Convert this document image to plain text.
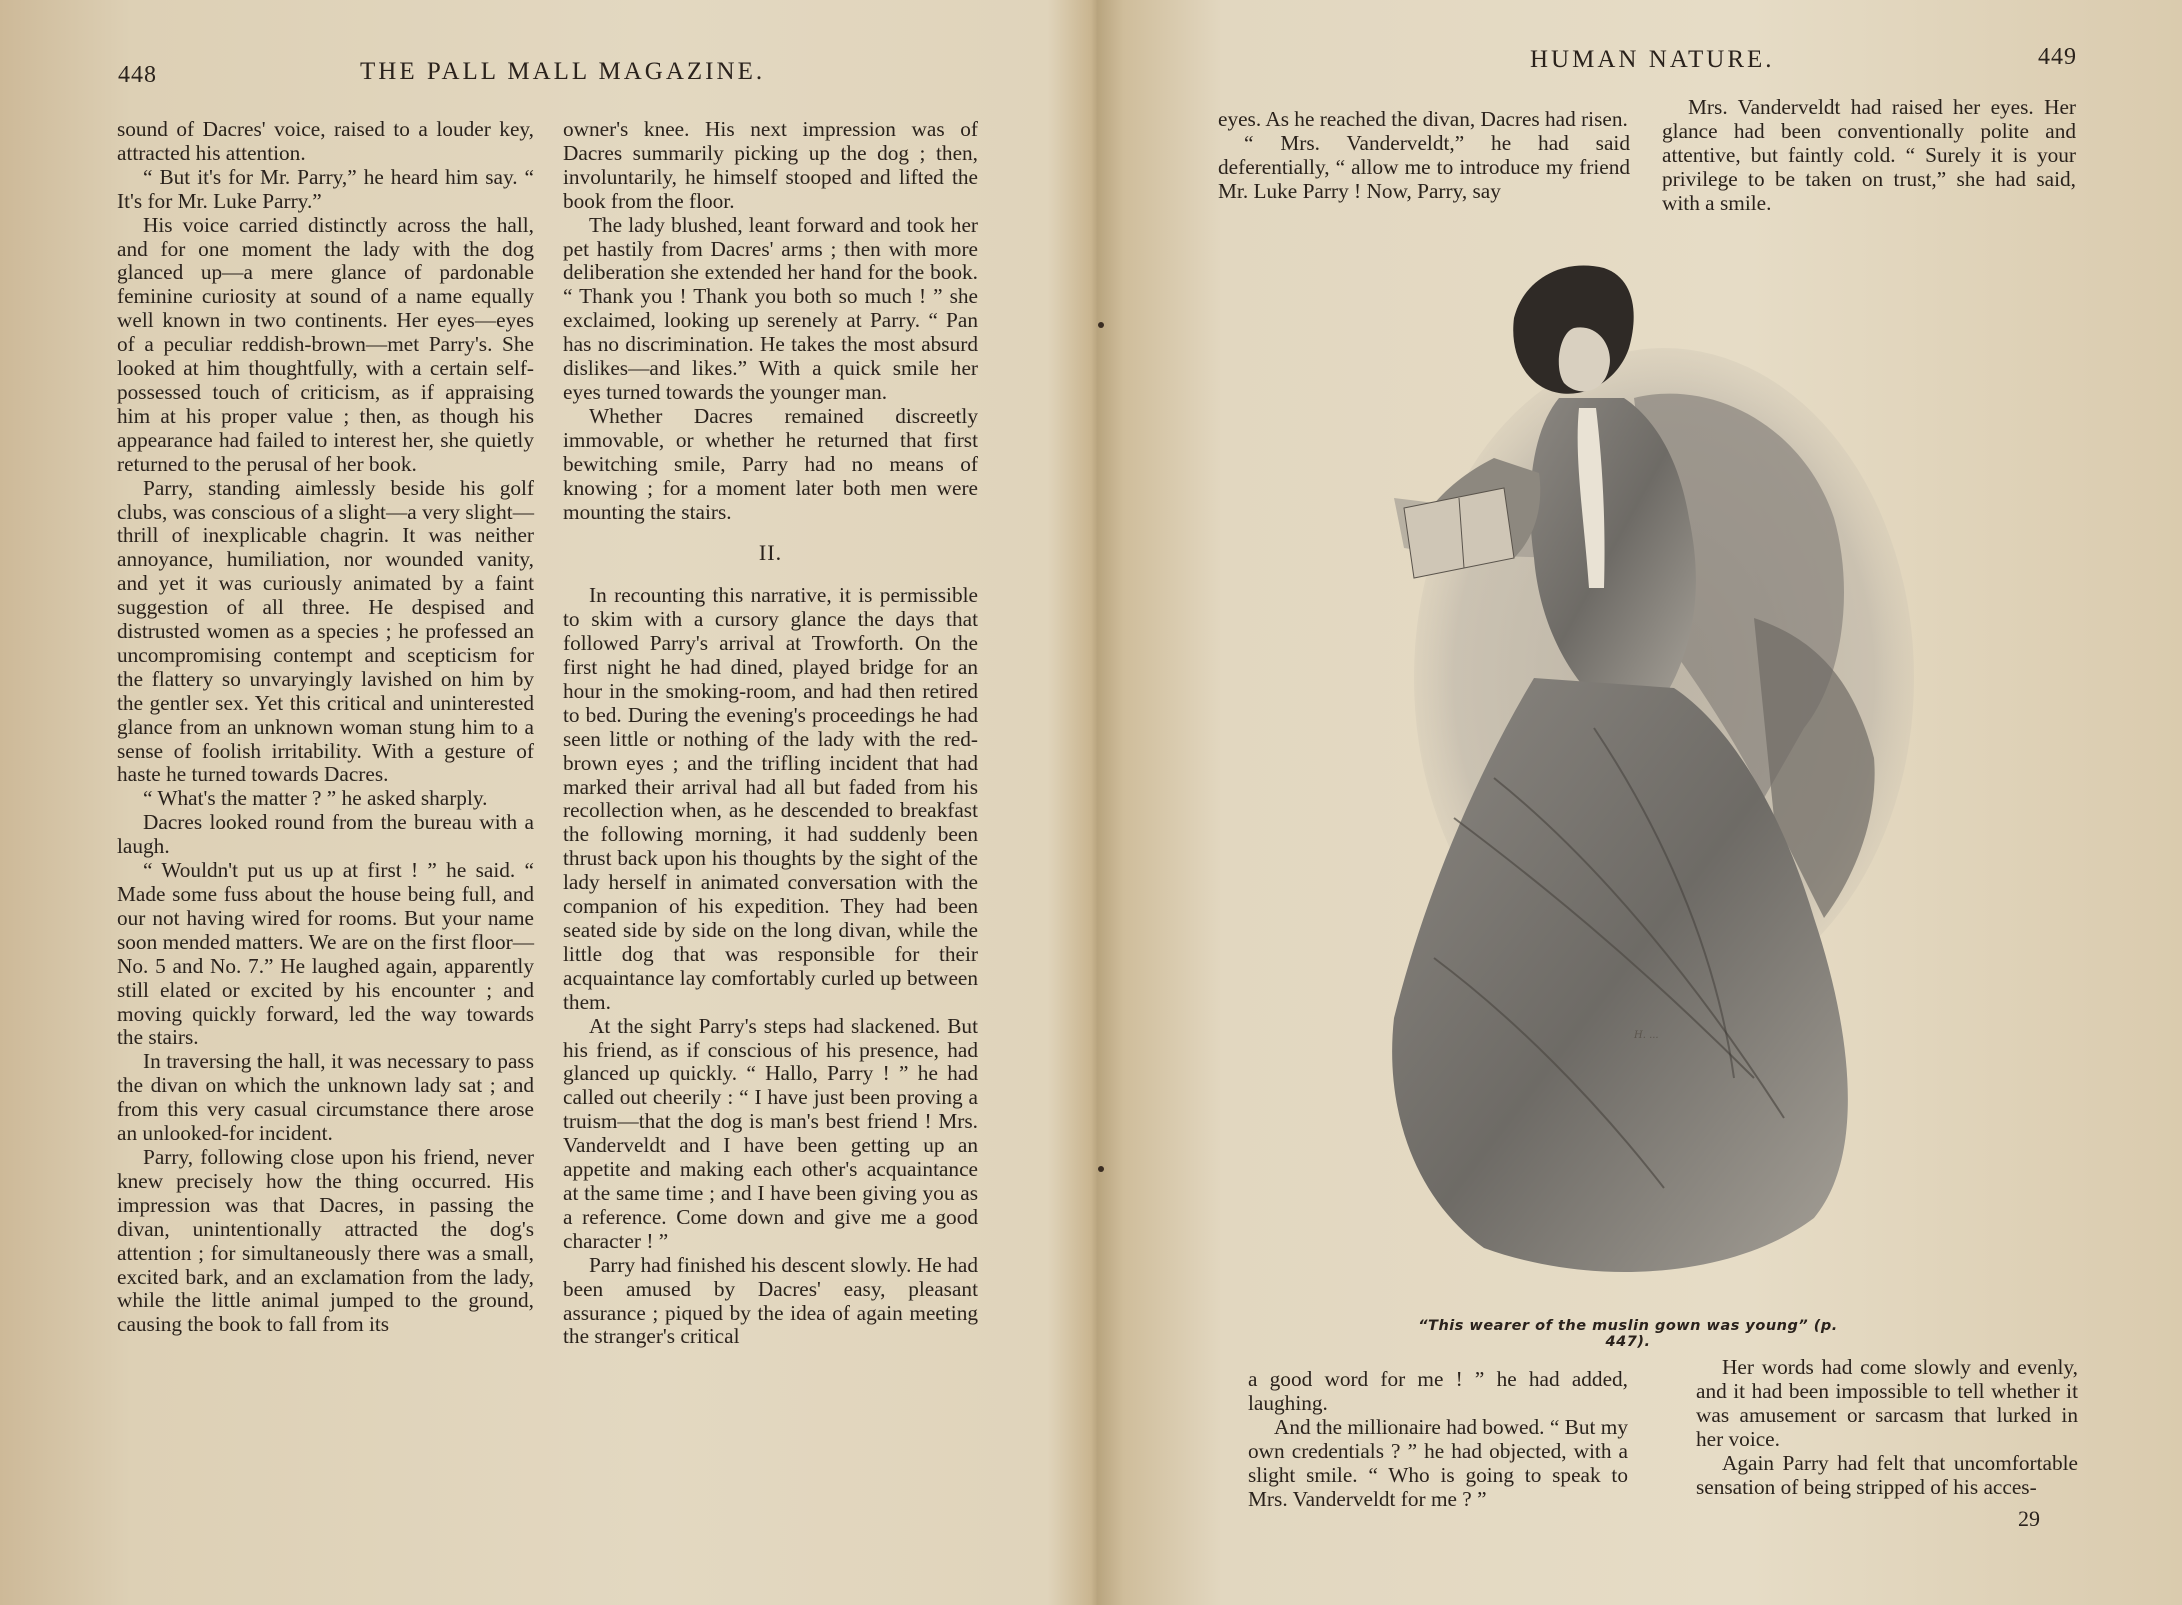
448	THE PALL MALL MAGAZINE.

sound of Dacres' voice, raised to a louder key, attracted his attention.

“ But it's for Mr. Parry,” he heard him say. “ It's for Mr. Luke Parry.”

His voice carried distinctly across the hall, and for one moment the lady with the dog glanced up—a mere glance of pardonable feminine curiosity at sound of a name equally well known in two continents. Her eyes—eyes of a peculiar reddish-brown—met Parry's. She looked at him thoughtfully, with a certain self-possessed touch of criticism, as if appraising him at his proper value ; then, as though his appearance had failed to interest her, she quietly returned to the perusal of her book.

Parry, standing aimlessly beside his golf clubs, was conscious of a slight—a very slight—thrill of inexplicable chagrin. It was neither annoyance, humiliation, nor wounded vanity, and yet it was curiously animated by a faint suggestion of all three. He despised and distrusted women as a species ; he professed an uncompromising contempt and scepticism for the flattery so unvaryingly lavished on him by the gentler sex. Yet this critical and uninterested glance from an unknown woman stung him to a sense of foolish irritability. With a gesture of haste he turned towards Dacres.

“ What's the matter ? ” he asked sharply.

Dacres looked round from the bureau with a laugh.

“ Wouldn't put us up at first ! ” he said. “ Made some fuss about the house being full, and our not having wired for rooms. But your name soon mended matters. We are on the first floor—No. 5 and No. 7.” He laughed again, apparently still elated or excited by his encounter ; and moving quickly forward, led the way towards the stairs.

In traversing the hall, it was necessary to pass the divan on which the unknown lady sat ; and from this very casual circumstance there arose an unlooked-for incident.

Parry, following close upon his friend, never knew precisely how the thing occurred. His impression was that Dacres, in passing the divan, unintentionally attracted the dog's attention ; for simultaneously there was a small, excited bark, and an exclamation from the lady, while the little animal jumped to the ground, causing the book to fall from its

owner's knee. His next impression was of Dacres summarily picking up the dog ; then, involuntarily, he himself stooped and lifted the book from the floor.

The lady blushed, leant forward and took her pet hastily from Dacres' arms ; then with more deliberation she extended her hand for the book. “ Thank you ! Thank you both so much ! ” she exclaimed, looking up serenely at Parry. “ Pan has no discrimination. He takes the most absurd dislikes—and likes.” With a quick smile her eyes turned towards the younger man.

Whether Dacres remained discreetly immovable, or whether he returned that first bewitching smile, Parry had no means of knowing ; for a moment later both men were mounting the stairs.

II.

In recounting this narrative, it is permissible to skim with a cursory glance the days that followed Parry's arrival at Trowforth. On the first night he had dined, played bridge for an hour in the smoking-room, and had then retired to bed. During the evening's proceedings he had seen little or nothing of the lady with the red-brown eyes ; and the trifling incident that had marked their arrival had all but faded from his recollection when, as he descended to breakfast the following morning, it had suddenly been thrust back upon his thoughts by the sight of the lady herself in animated conversation with the companion of his expedition. They had been seated side by side on the long divan, while the little dog that was responsible for their acquaintance lay comfortably curled up between them.

At the sight Parry's steps had slackened. But his friend, as if conscious of his presence, had glanced up quickly. “ Hallo, Parry ! ” he had called out cheerily : “ I have just been proving a truism—that the dog is man's best friend ! Mrs. Vanderveldt and I have been getting up an appetite and making each other's acquaintance at the same time ; and I have been giving you as a reference. Come down and give me a good character ! ”

Parry had finished his descent slowly. He had been amused by Dacres' easy, pleasant assurance ; piqued by the idea of again meeting the stranger's critical

HUMAN NATURE.	449

eyes. As he reached the divan, Dacres had risen.

“ Mrs. Vanderveldt,” he had said deferentially, “ allow me to introduce my friend Mr. Luke Parry ! Now, Parry, say

Mrs. Vanderveldt had raised her eyes. Her glance had been conventionally polite and attentive, but faintly cold. “ Surely it is your privilege to be taken on trust,” she had said, with a smile.

H. ...
“This wearer of the muslin gown was young” (p. 447).

a good word for me ! ” he had added, laughing.

And the millionaire had bowed. “ But my own credentials ? ” he had objected, with a slight smile. “ Who is going to speak to Mrs. Vanderveldt for me ? ”

Her words had come slowly and evenly, and it had been impossible to tell whether it was amusement or sarcasm that lurked in her voice.

Again Parry had felt that uncomfortable sensation of being stripped of his acces-

29
